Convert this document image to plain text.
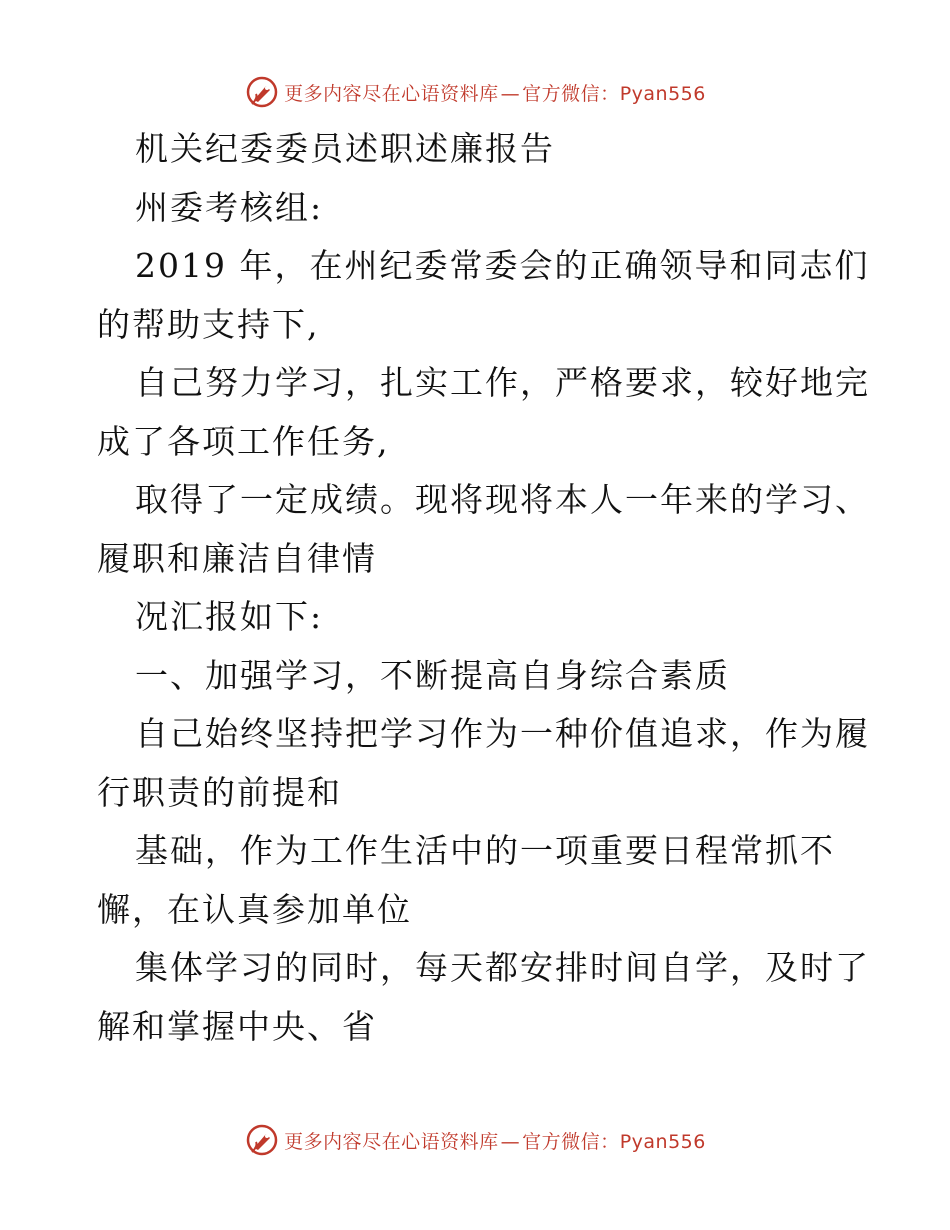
更多内容尽在心语资料库 — 官方微信：Pyan556
机关纪委委员述职述廉报告
州委考核组:
2019 年，在州纪委常委会的正确领导和同志们
的帮助支持下,
自己努力学习，扎实工作，严格要求，较好地完
成了各项工作任务,
取得了一定成绩。现将现将本人一年来的学习、
履职和廉洁自律情
况汇报如下:
一、加强学习，不断提高自身综合素质
自己始终坚持把学习作为一种价值追求，作为履
行职责的前提和
基础，作为工作生活中的一项重要日程常抓不
懈，在认真参加单位
集体学习的同时，每天都安排时间自学，及时了
解和掌握中央、省
更多内容尽在心语资料库 — 官方微信：Pyan556
